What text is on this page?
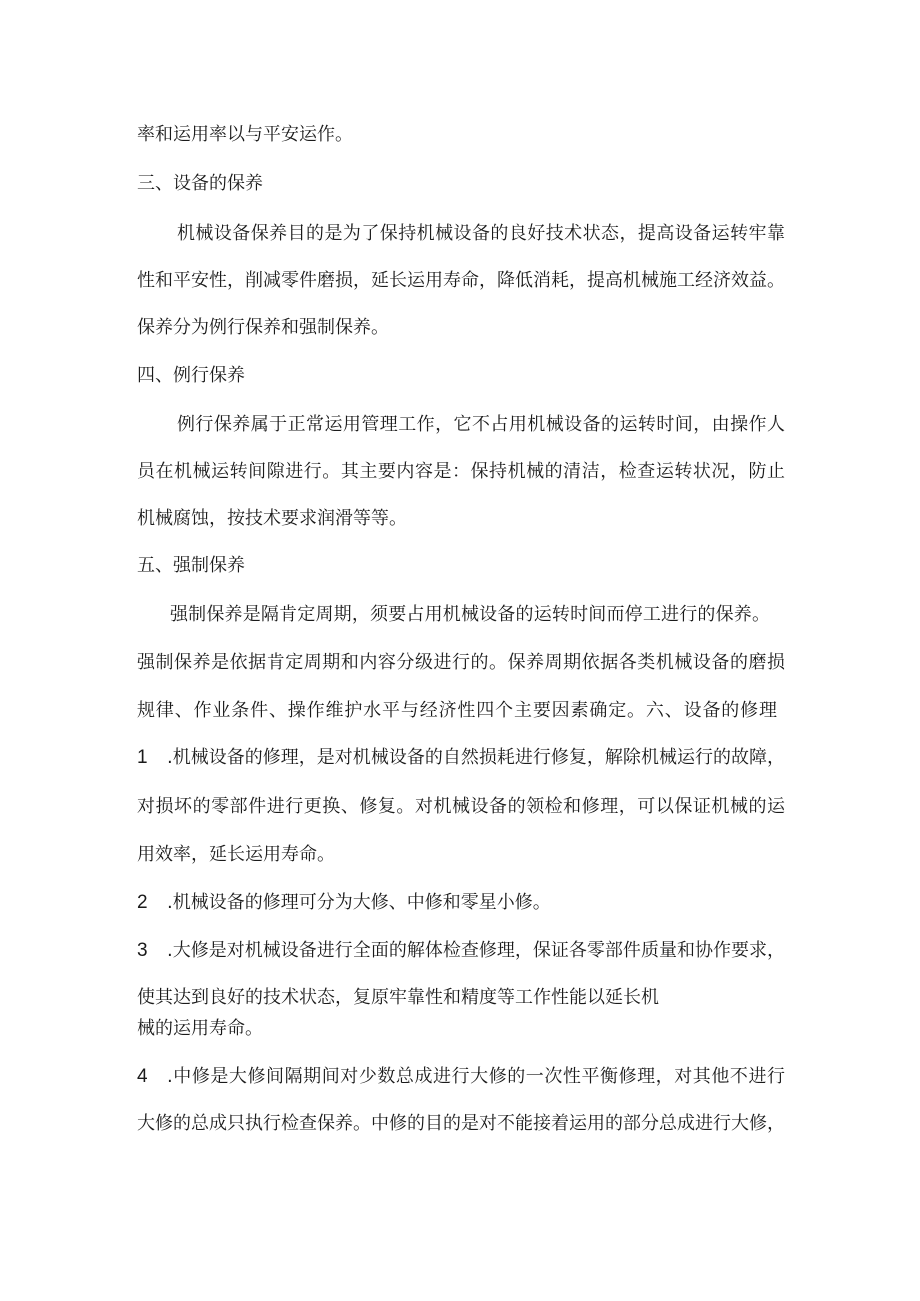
率和运用率以与平安运作。
三、设备的保养
机械设备保养目的是为了保持机械设备的良好技术状态，提高设备运转牢靠
性和平安性，削减零件磨损，延长运用寿命，降低消耗，提高机械施工经济效益。
保养分为例行保养和强制保养。
四、例行保养
例行保养属于正常运用管理工作，它不占用机械设备的运转时间，由操作人
员在机械运转间隙进行。其主要内容是：保持机械的清洁，检查运转状况，防止
机械腐蚀，按技术要求润滑等等。
五、强制保养
强制保养是隔肯定周期，须要占用机械设备的运转时间而停工进行的保养。
强制保养是依据肯定周期和内容分级进行的。保养周期依据各类机械设备的磨损
规律、作业条件、操作维护水平与经济性四个主要因素确定。六、设备的修理
1	.机械设备的修理，是对机械设备的自然损耗进行修复，解除机械运行的故障，
对损坏的零部件进行更换、修复。对机械设备的领检和修理，可以保证机械的运
用效率，延长运用寿命。
2 .机械设备的修理可分为大修、中修和零星小修。
3	.大修是对机械设备进行全面的解体检查修理，保证各零部件质量和协作要求，
使其达到良好的技术状态，复原牢靠性和精度等工作性能以延长机
械的运用寿命。
4	.中修是大修间隔期间对少数总成进行大修的一次性平衡修理，对其他不进行
大修的总成只执行检查保养。中修的目的是对不能接着运用的部分总成进行大修，
